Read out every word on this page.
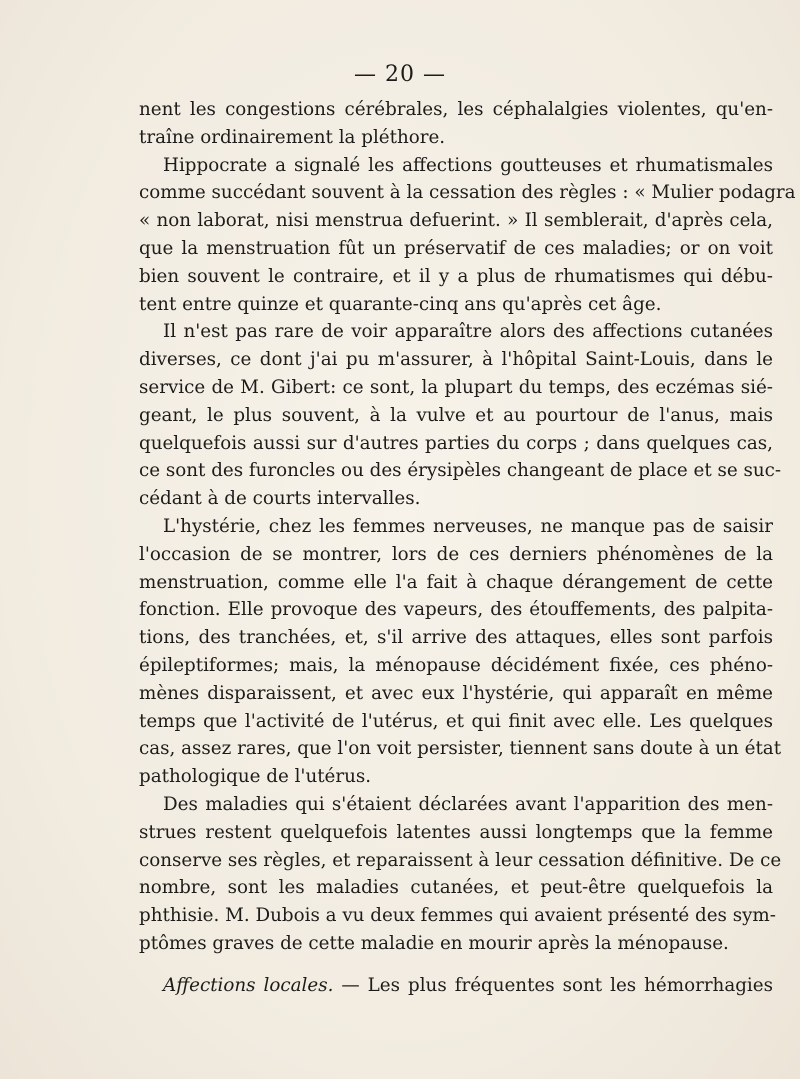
— 20 —
nent les congestions cérébrales, les céphalalgies violentes, qu'en-
traîne ordinairement la pléthore.
Hippocrate a signalé les affections goutteuses et rhumatismales
comme succédant souvent à la cessation des règles : « Mulier podagra
« non laborat, nisi menstrua defuerint. » Il semblerait, d'après cela,
que la menstruation fût un préservatif de ces maladies; or on voit
bien souvent le contraire, et il y a plus de rhumatismes qui débu-
tent entre quinze et quarante-cinq ans qu'après cet âge.
Il n'est pas rare de voir apparaître alors des affections cutanées
diverses, ce dont j'ai pu m'assurer, à l'hôpital Saint-Louis, dans le
service de M. Gibert: ce sont, la plupart du temps, des eczémas sié-
geant, le plus souvent, à la vulve et au pourtour de l'anus, mais
quelquefois aussi sur d'autres parties du corps ; dans quelques cas,
ce sont des furoncles ou des érysipèles changeant de place et se suc-
cédant à de courts intervalles.
L'hystérie, chez les femmes nerveuses, ne manque pas de saisir
l'occasion de se montrer, lors de ces derniers phénomènes de la
menstruation, comme elle l'a fait à chaque dérangement de cette
fonction. Elle provoque des vapeurs, des étouffements, des palpita-
tions, des tranchées, et, s'il arrive des attaques, elles sont parfois
épileptiformes; mais, la ménopause décidément fixée, ces phéno-
mènes disparaissent, et avec eux l'hystérie, qui apparaît en même
temps que l'activité de l'utérus, et qui finit avec elle. Les quelques
cas, assez rares, que l'on voit persister, tiennent sans doute à un état
pathologique de l'utérus.
Des maladies qui s'étaient déclarées avant l'apparition des men-
strues restent quelquefois latentes aussi longtemps que la femme
conserve ses règles, et reparaissent à leur cessation définitive. De ce
nombre, sont les maladies cutanées, et peut-être quelquefois la
phthisie. M. Dubois a vu deux femmes qui avaient présenté des sym-
ptômes graves de cette maladie en mourir après la ménopause.
Affections locales. — Les plus fréquentes sont les hémorrhagies
